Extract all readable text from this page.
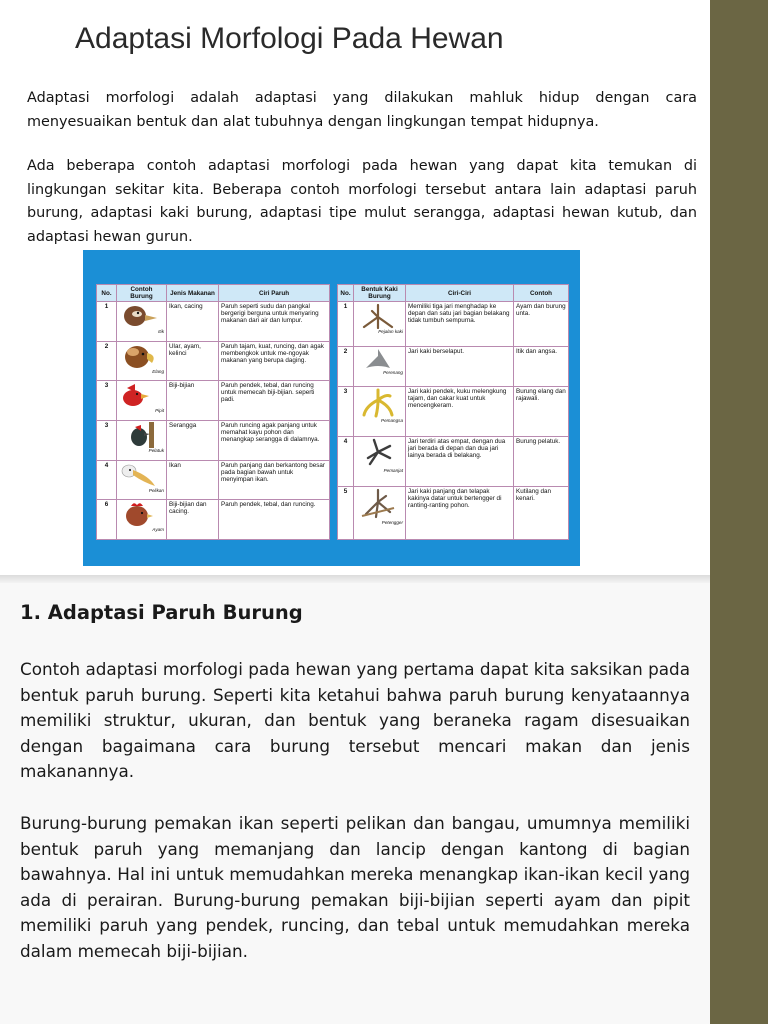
Adaptasi Morfologi Pada Hewan

Adaptasi morfologi adalah adaptasi yang dilakukan mahluk hidup dengan cara menyesuaikan bentuk dan alat tubuhnya dengan lingkungan tempat hidupnya.

Ada beberapa contoh adaptasi morfologi pada hewan yang dapat kita temukan di lingkungan sekitar kita. Beberapa contoh morfologi tersebut antara lain adaptasi paruh burung, adaptasi kaki burung, adaptasi tipe mulut serangga, adaptasi hewan kutub, dan adaptasi hewan gurun.

No.	Contoh Burung	Jenis Makanan	Ciri Paruh
1	Itik	Ikan, cacing	Paruh seperti sudu dan pangkal bergerigi berguna untuk menyaring makanan dari air dan lumpur.
2	Elang	Ular, ayam, kelinci	Paruh tajam, kuat, runcing, dan agak membengkok untuk me-ngoyak makanan yang berupa daging.
3	Pipit	Biji-bijian	Paruh pendek, tebal, dan runcing untuk memecah biji-bijian. seperti padi.
3	Pelatuk	Serangga	Paruh runcing agak panjang untuk memahat kayu pohon dan menangkap serangga di dalamnya.
4	Pelikan	Ikan	Paruh panjang dan berkantong besar pada bagian bawah untuk menyimpan ikan.
6	Ayam	Biji-bijian dan cacing.	Paruh pendek, tebal, dan runcing.
No.	Bentuk Kaki Burung	Ciri-Ciri	Contoh
1	Pejalan kaki	Memiliki tiga jari menghadap ke depan dan satu jari bagian belakang tidak tumbuh sempurna.	Ayam dan burung unta.
2	Perenang	Jari kaki berselaput.	Itik dan angsa.
3	Pemangsa	Jari kaki pendek, kuku melengkung tajam, dan cakar kuat untuk mencengkeram.	Burung elang dan rajawali.
4	Pemanjat	Jari terdiri atas empat, dengan dua jari berada di depan dan dua jari lainya berada di belakang.	Burung pelatuk.
5	Petengger	Jari kaki panjang dan telapak kakinya datar untuk bertengger di ranting-ranting pohon.	Kutilang dan kenari.
1. Adaptasi Paruh Burung

Contoh adaptasi morfologi pada hewan yang pertama dapat kita saksikan pada bentuk paruh burung. Seperti kita ketahui bahwa paruh burung kenyataannya memiliki struktur, ukuran, dan bentuk yang beraneka ragam disesuaikan dengan bagaimana cara burung tersebut mencari makan dan jenis makanannya.

Burung-burung pemakan ikan seperti pelikan dan bangau, umumnya memiliki bentuk paruh yang memanjang dan lancip dengan kantong di bagian bawahnya. Hal ini untuk memudahkan mereka menangkap ikan-ikan kecil yang ada di perairan. Burung-burung pemakan biji-bijian seperti ayam dan pipit memiliki paruh yang pendek, runcing, dan tebal untuk memudahkan mereka dalam memecah biji-bijian.
